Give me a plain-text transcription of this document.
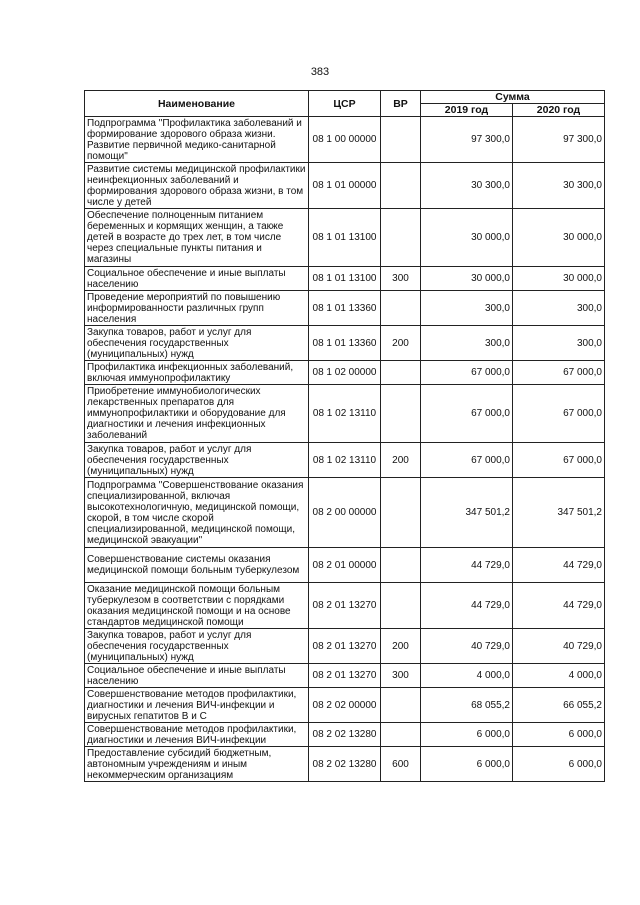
383
Наименование	ЦСР	ВР	Сумма	
			2019 год	2020 год
Подпрограмма "Профилактика заболеваний и формирование здорового образа жизни. Развитие первичной медико-санитарной помощи"	08 1 00 00000		97 300,0	97 300,0
Развитие системы медицинской профилактики неинфекционных заболеваний и формирования здорового образа жизни, в том числе у детей	08 1 01 00000		30 300,0	30 300,0
Обеспечение полноценным питанием беременных и кормящих женщин, а также детей в возрасте до трех лет, в том числе через специальные пункты питания и магазины	08 1 01 13100		30 000,0	30 000,0
Социальное обеспечение и иные выплаты населению	08 1 01 13100	300	30 000,0	30 000,0
Проведение мероприятий по повышению информированности различных групп населения	08 1 01 13360		300,0	300,0
Закупка товаров, работ и услуг для обеспечения государственных (муниципальных) нужд	08 1 01 13360	200	300,0	300,0
Профилактика инфекционных заболеваний, включая иммунопрофилактику	08 1 02 00000		67 000,0	67 000,0
Приобретение иммунобиологических лекарственных препаратов для иммунопрофилактики и оборудование для диагностики и лечения инфекционных заболеваний	08 1 02 13110		67 000,0	67 000,0
Закупка товаров, работ и услуг для обеспечения государственных (муниципальных) нужд	08 1 02 13110	200	67 000,0	67 000,0
Подпрограмма "Совершенствование оказания специализированной, включая высокотехнологичную, медицинской помощи, скорой, в том числе скорой специализированной, медицинской помощи, медицинской эвакуации"	08 2 00 00000		347 501,2	347 501,2
Совершенствование системы оказания медицинской помощи больным туберкулезом	08 2 01 00000		44 729,0	44 729,0
Оказание медицинской помощи больным туберкулезом в соответствии с порядками оказания медицинской помощи и на основе стандартов медицинской помощи	08 2 01 13270		44 729,0	44 729,0
Закупка товаров, работ и услуг для обеспечения государственных (муниципальных) нужд	08 2 01 13270	200	40 729,0	40 729,0
Социальное обеспечение и иные выплаты населению	08 2 01 13270	300	4 000,0	4 000,0
Совершенствование методов профилактики, диагностики и лечения ВИЧ-инфекции и вирусных гепатитов В и С	08 2 02 00000		68 055,2	66 055,2
Совершенствование методов профилактики, диагностики и лечения ВИЧ-инфекции	08 2 02 13280		6 000,0	6 000,0
Предоставление субсидий бюджетным, автономным учреждениям и иным некоммерческим организациям	08 2 02 13280	600	6 000,0	6 000,0
